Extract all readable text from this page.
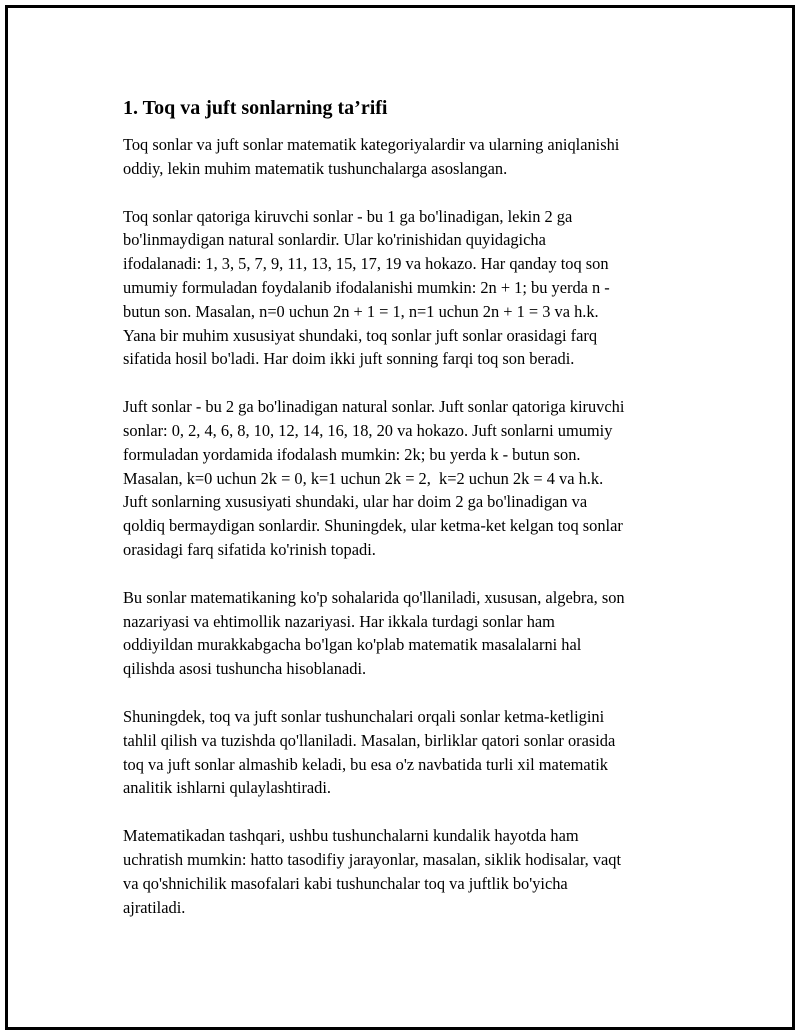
1. Toq va juft sonlarning ta’rifi

Toq sonlar va juft sonlar matematik kategoriyalardir va ularning aniqlanishi
oddiy, lekin muhim matematik tushunchalarga asoslangan.

Toq sonlar qatoriga kiruvchi sonlar - bu 1 ga bo'linadigan, lekin 2 ga
bo'linmaydigan natural sonlardir. Ular ko'rinishidan quyidagicha
ifodalanadi: 1, 3, 5, 7, 9, 11, 13, 15, 17, 19 va hokazo. Har qanday toq son
umumiy formuladan foydalanib ifodalanishi mumkin: 2n + 1; bu yerda n -
butun son. Masalan, n=0 uchun 2n + 1 = 1, n=1 uchun 2n + 1 = 3 va h.k.
Yana bir muhim xususiyat shundaki, toq sonlar juft sonlar orasidagi farq
sifatida hosil bo'ladi. Har doim ikki juft sonning farqi toq son beradi.

Juft sonlar - bu 2 ga bo'linadigan natural sonlar. Juft sonlar qatoriga kiruvchi
sonlar: 0, 2, 4, 6, 8, 10, 12, 14, 16, 18, 20 va hokazo. Juft sonlarni umumiy
formuladan yordamida ifodalash mumkin: 2k; bu yerda k - butun son.
Masalan, k=0 uchun 2k = 0, k=1 uchun 2k = 2,  k=2 uchun 2k = 4 va h.k.
Juft sonlarning xususiyati shundaki, ular har doim 2 ga bo'linadigan va
qoldiq bermaydigan sonlardir. Shuningdek, ular ketma-ket kelgan toq sonlar
orasidagi farq sifatida ko'rinish topadi.

Bu sonlar matematikaning ko'p sohalarida qo'llaniladi, xususan, algebra, son
nazariyasi va ehtimollik nazariyasi. Har ikkala turdagi sonlar ham
oddiyildan murakkabgacha bo'lgan ko'plab matematik masalalarni hal
qilishda asosi tushuncha hisoblanadi.

Shuningdek, toq va juft sonlar tushunchalari orqali sonlar ketma-ketligini
tahlil qilish va tuzishda qo'llaniladi. Masalan, birliklar qatori sonlar orasida
toq va juft sonlar almashib keladi, bu esa o'z navbatida turli xil matematik
analitik ishlarni qulaylashtiradi.

Matematikadan tashqari, ushbu tushunchalarni kundalik hayotda ham
uchratish mumkin: hatto tasodifiy jarayonlar, masalan, siklik hodisalar, vaqt
va qo'shnichilik masofalari kabi tushunchalar toq va juftlik bo'yicha
ajratiladi.
